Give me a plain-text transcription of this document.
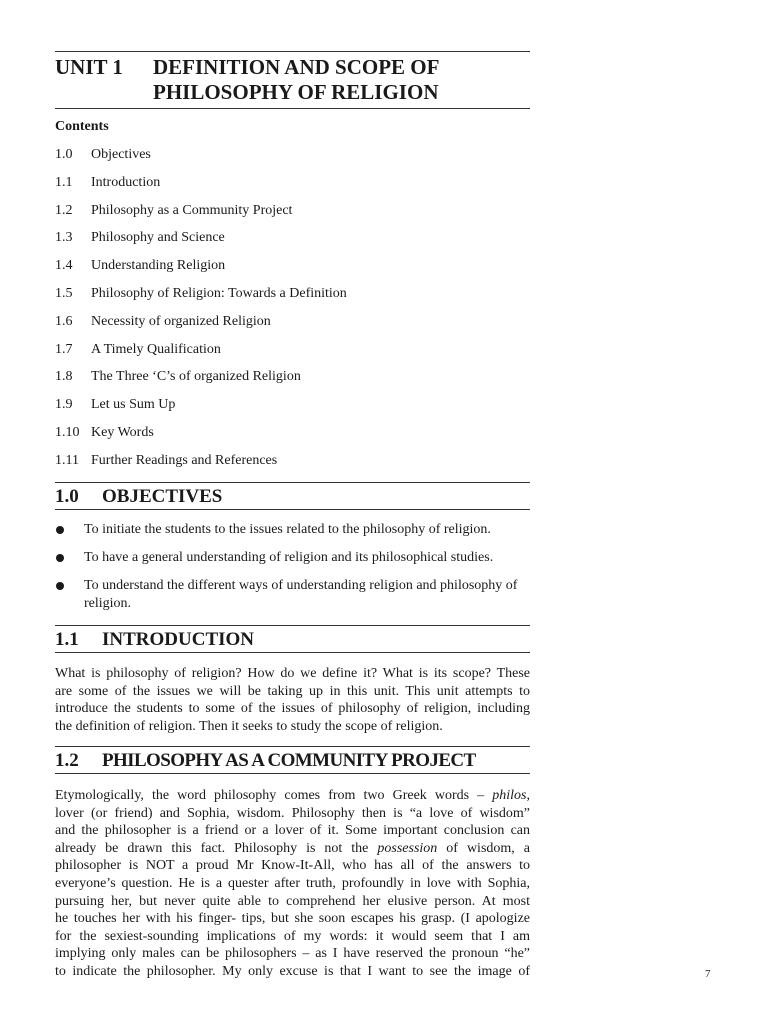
UNIT 1 DEFINITION AND SCOPE OF
PHILOSOPHY OF RELIGION
Contents
1.0 Objectives
1.1 Introduction
1.2 Philosophy as a Community Project
1.3 Philosophy and Science
1.4 Understanding Religion
1.5 Philosophy of Religion: Towards a Definition
1.6 Necessity of organized Religion
1.7 A Timely Qualification
1.8 The Three ‘C’s of organized Religion
1.9 Let us Sum Up
1.10 Key Words
1.11 Further Readings and References
1.0 OBJECTIVES
To initiate the students to the issues related to the philosophy of religion.
To have a general understanding of religion and its philosophical studies.
To understand the different ways of understanding religion and philosophy of religion.
1.1 INTRODUCTION
What is philosophy of religion? How do we define it? What is its scope? These
are some of the issues we will be taking up in this unit. This unit attempts to
introduce the students to some of the issues of philosophy of religion, including
the definition of religion. Then it seeks to study the scope of religion.
1.2 PHILOSOPHY AS A COMMUNITY PROJECT
Etymologically, the word philosophy comes from two Greek words – philos,
lover (or friend) and Sophia, wisdom. Philosophy then is “a love of wisdom”
and the philosopher is a friend or a lover of it. Some important conclusion can
already be drawn this fact. Philosophy is not the possession of wisdom, a
philosopher is NOT a proud Mr Know-It-All, who has all of the answers to
everyone’s question. He is a quester after truth, profoundly in love with Sophia,
pursuing her, but never quite able to comprehend her elusive person. At most
he touches her with his finger- tips, but she soon escapes his grasp. (I apologize
for the sexiest-sounding implications of my words: it would seem that I am
implying only males can be philosophers – as I have reserved the pronoun “he”
to indicate the philosopher. My only excuse is that I want to see the image of	7
